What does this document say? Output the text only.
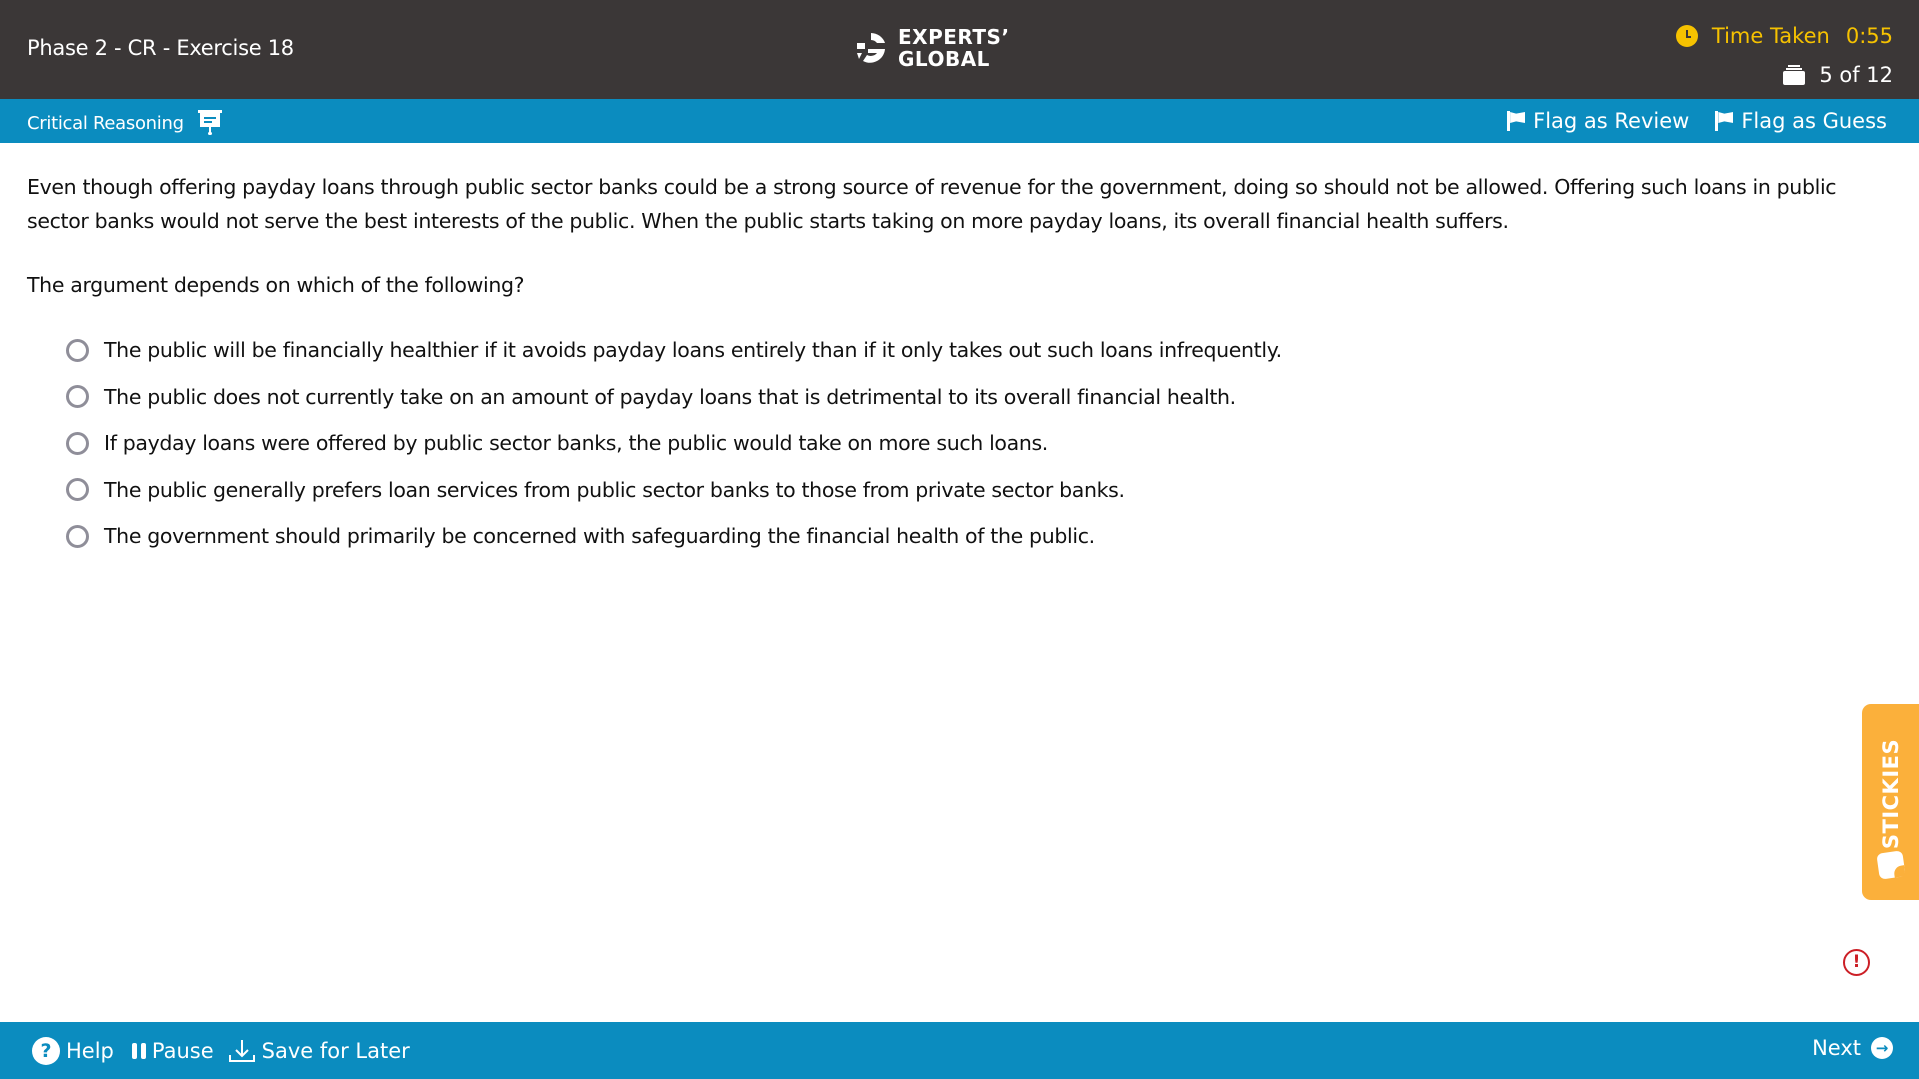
Phase 2 - CR - Exercise 18	EXPERTS’
GLOBAL
Time Taken 0:55
5 of 12
Critical Reasoning	Flag as Review Flag as Guess

Even though offering payday loans through public sector banks could be a strong source of revenue for the government, doing so should not be allowed. Offering such loans in public sector banks would not serve the best interests of the public. When the public starts taking on more payday loans, its overall financial health suffers.

The argument depends on which of the following?

The public will be financially healthier if it avoids payday loans entirely than if it only takes out such loans infrequently.
The public does not currently take on an amount of payday loans that is detrimental to its overall financial health.
If payday loans were offered by public sector banks, the public would take on more such loans.
The public generally prefers loan services from public sector banks to those from private sector banks.
The government should primarily be concerned with safeguarding the financial health of the public.
STICKIES
!
? Help Pause Save for Later	Next →
